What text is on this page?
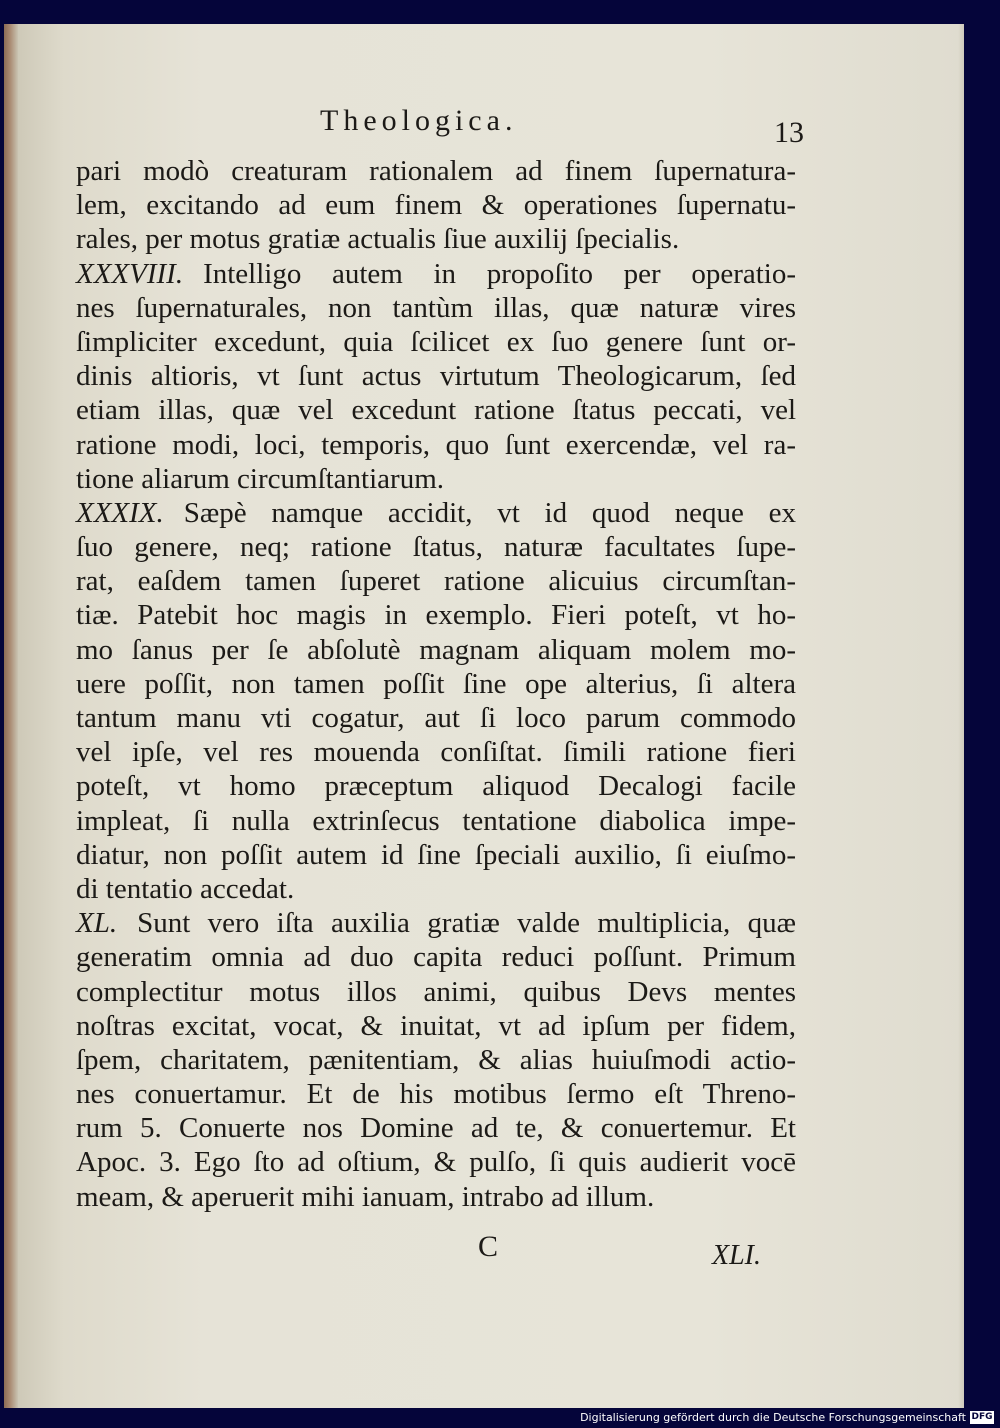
Theologica.	13
pari modò creaturam rationalem ad finem ſupernatura-
lem, excitando ad eum finem & operationes ſupernatu-
rales, per motus gratiæ actualis ſiue auxilij ſpecialis.
XXXVIII. Intelligo autem in propoſito per operatio-
nes ſupernaturales, non tantùm illas, quæ naturæ vires
ſimpliciter excedunt, quia ſcilicet ex ſuo genere ſunt or-
dinis altioris, vt ſunt actus virtutum Theologicarum, ſed
etiam illas, quæ vel excedunt ratione ſtatus peccati, vel
ratione modi, loci, temporis, quo ſunt exercendæ, vel ra-
tione aliarum circumſtantiarum.
XXXIX. Sæpè namque accidit, vt id quod neque ex
ſuo genere, neq; ratione ſtatus, naturæ facultates ſupe-
rat, eaſdem tamen ſuperet ratione alicuius circumſtan-
tiæ. Patebit hoc magis in exemplo. Fieri poteſt, vt ho-
mo ſanus per ſe abſolutè magnam aliquam molem mo-
uere poſſit, non tamen poſſit ſine ope alterius, ſi altera
tantum manu vti cogatur, aut ſi loco parum commodo
vel ipſe, vel res mouenda conſiſtat. ſimili ratione fieri
poteſt, vt homo præceptum aliquod Decalogi facile
impleat, ſi nulla extrinſecus tentatione diabolica impe-
diatur, non poſſit autem id ſine ſpeciali auxilio, ſi eiuſmo-
di tentatio accedat.
XL. Sunt vero iſta auxilia gratiæ valde multiplicia, quæ
generatim omnia ad duo capita reduci poſſunt. Primum
complectitur motus illos animi, quibus Devs mentes
noſtras excitat, vocat, & inuitat, vt ad ipſum per fidem,
ſpem, charitatem, pænitentiam, & alias huiuſmodi actio-
nes conuertamur. Et de his motibus ſermo eſt Threno-
rum 5. Conuerte nos Domine ad te, & conuertemur. Et
Apoc. 3. Ego ſto ad oſtium, & pulſo, ſi quis audierit vocē
meam, & aperuerit mihi ianuam, intrabo ad illum.
C	XLI.
Digitalisierung gefördert durch die Deutsche Forschungsgemeinschaft DFG
